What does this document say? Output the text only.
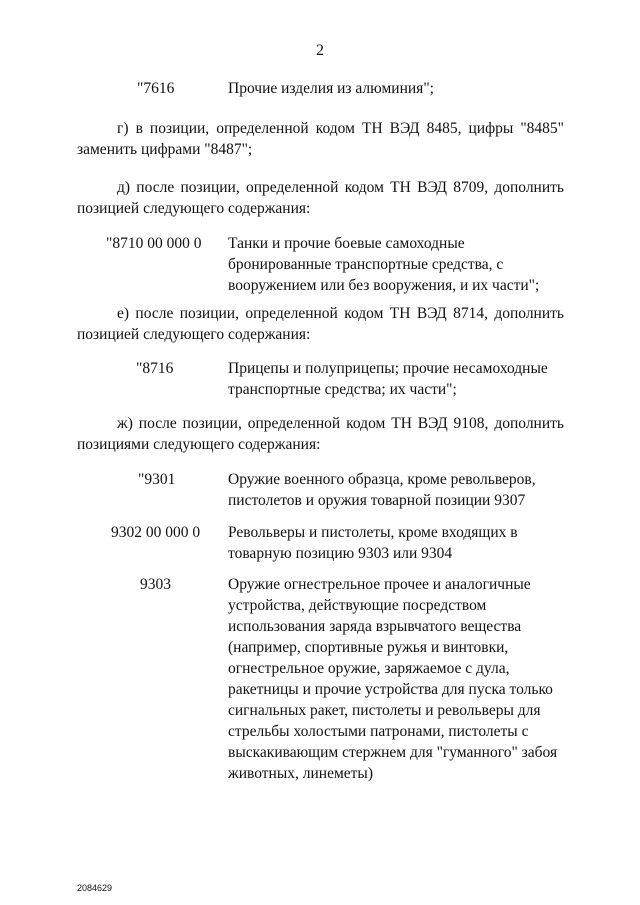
2
"7616	Прочие изделия из алюминия";
г) в позиции, определенной кодом ТН ВЭД 8485, цифры "8485"
заменить цифрами "8487";
д) после позиции, определенной кодом ТН ВЭД 8709, дополнить
позицией следующего содержания:
"8710 00 000 0 Танки и прочие боевые самоходные
бронированные транспортные средства, с
вооружением или без вооружения, и их части";
е) после позиции, определенной кодом ТН ВЭД 8714, дополнить
позицией следующего содержания:
"8716	Прицепы и полуприцепы; прочие несамоходные
транспортные средства; их части";
ж) после позиции, определенной кодом ТН ВЭД 9108, дополнить
позициями следующего содержания:
"9301	Оружие военного образца, кроме револьверов,
пистолетов и оружия товарной позиции 9307
9302 00 000 0 Револьверы и пистолеты, кроме входящих в
товарную позицию 9303 или 9304
9303	Оружие огнестрельное прочее и аналогичные
устройства, действующие посредством
использования заряда взрывчатого вещества
(например, спортивные ружья и винтовки,
огнестрельное оружие, заряжаемое с дула,
ракетницы и прочие устройства для пуска только
сигнальных ракет, пистолеты и револьверы для
стрельбы холостыми патронами, пистолеты с
выскакивающим стержнем для "гуманного" забоя
животных, линеметы)
2084629
